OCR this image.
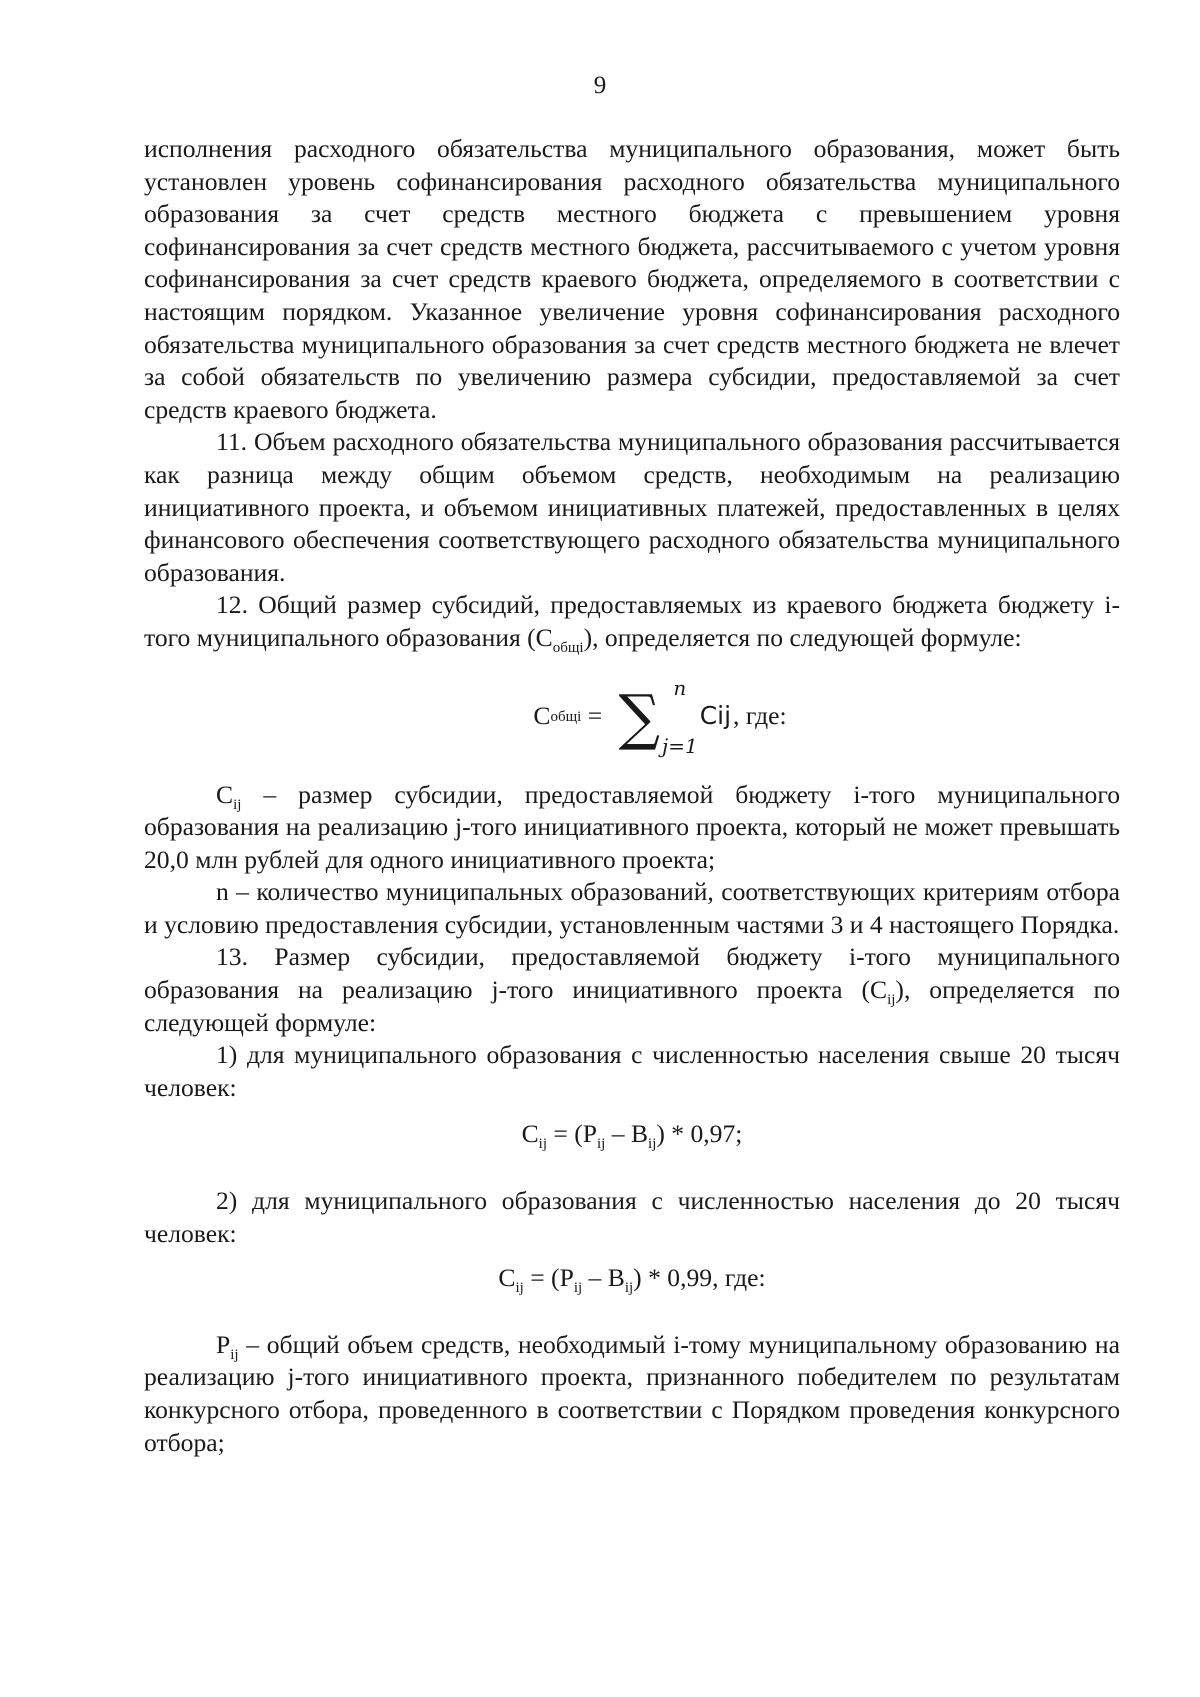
9

исполнения расходного обязательства муниципального образования, может быть установлен уровень софинансирования расходного обязательства муниципального образования за счет средств местного бюджета с превышением уровня софинансирования за счет средств местного бюджета, рассчитываемого с учетом уровня софинансирования за счет средств краевого бюджета, определяемого в соответствии с настоящим порядком. Указанное увеличение уровня софинансирования расходного обязательства муниципального образования за счет средств местного бюджета не влечет за собой обязательств по увеличению размера субсидии, предоставляемой за счет средств краевого бюджета.

11. Объем расходного обязательства муниципального образования рассчитывается как разница между общим объемом средств, необходимым на реализацию инициативного проекта, и объемом инициативных платежей, предоставленных в целях финансового обеспечения соответствующего расходного обязательства муниципального образования.

12. Общий размер субсидий, предоставляемых из краевого бюджета бюджету i-того муниципального образования $(С_{общі})$, определяется по следующей формуле:

С общі = ∑ n
j=1
Cij , где:

$С_{ij}$ – размер субсидии, предоставляемой бюджету i-того муниципального образования на реализацию j-того инициативного проекта, который не может превышать 20,0 млн рублей для одного инициативного проекта;

n – количество муниципальных образований, соответствующих критериям отбора и условию предоставления субсидии, установленным частями 3 и 4 настоящего Порядка.

13. Размер субсидии, предоставляемой бюджету i-того муниципального образования на реализацию j-того инициативного проекта $(С_{ij})$, определяется по следующей формуле:

1) для муниципального образования с численностью населения свыше 20 тысяч человек:

$С_{ij} = (P_{ij} - B_{ij}) * 0,97$;

2) для муниципального образования с численностью населения до 20 тысяч человек:

$С_{ij} = (P_{ij} - B_{ij}) * 0,99$, где:

$P_{ij}$ – общий объем средств, необходимый i-тому муниципальному образованию на реализацию j-того инициативного проекта, признанного победителем по результатам конкурсного отбора, проведенного в соответствии с Порядком проведения конкурсного отбора;
